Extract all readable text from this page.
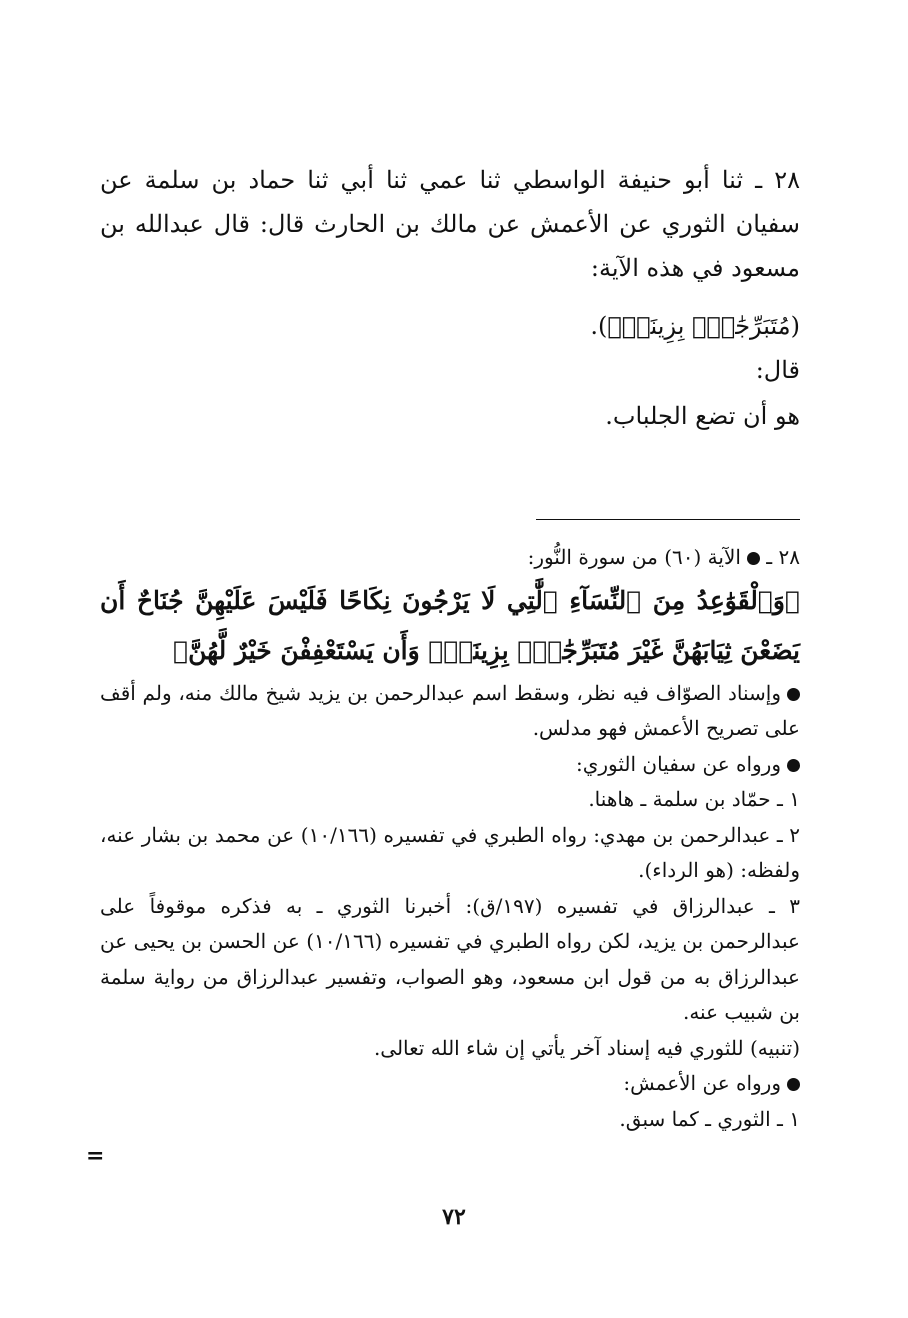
٢٨ ـ ثنا أبو حنيفة الواسطي ثنا عمي ثنا أبي ثنا حماد بن سلمة عن سفيان الثوري عن الأعمش عن مالك بن الحارث قال: قال عبدالله بن مسعود في هذه الآية:

(مُتَبَرِّجَٰتِۭ بِزِينَةٍۚ).

قال:

هو أن تضع الجلباب.

٢٨ ـ الآية (٦٠) من سورة النُّور:

﴿وَٱلْقَوَٰعِدُ مِنَ ٱلنِّسَآءِ ٱلَّٰتِي لَا يَرْجُونَ نِكَاحًا فَلَيْسَ عَلَيْهِنَّ جُنَاحٌ أَن يَضَعْنَ ثِيَابَهُنَّ غَيْرَ مُتَبَرِّجَٰتِۭ بِزِينَةٍۖ وَأَن يَسْتَعْفِفْنَ خَيْرٌ لَّهُنَّ﴾

وإسناد الصوّاف فيه نظر، وسقط اسم عبدالرحمن بن يزيد شيخ مالك منه، ولم أقف على تصريح الأعمش فهو مدلس.

ورواه عن سفيان الثوري:

١ ـ حمّاد بن سلمة ـ هاهنا.

٢ ـ عبدالرحمن بن مهدي: رواه الطبري في تفسيره (١٠/١٦٦) عن محمد بن بشار عنه، ولفظه: (هو الرداء).

٣ ـ عبدالرزاق في تفسيره (١٩٧/ق): أخبرنا الثوري ـ به فذكره موقوفاً على عبدالرحمن بن يزيد، لكن رواه الطبري في تفسيره (١٠/١٦٦) عن الحسن بن يحيى عن عبدالرزاق به من قول ابن مسعود، وهو الصواب، وتفسير عبدالرزاق من رواية سلمة بن شبيب عنه.

(تنبيه) للثوري فيه إسناد آخر يأتي إن شاء الله تعالى.

ورواه عن الأعمش:

١ ـ الثوري ـ كما سبق.

=
٧٢
